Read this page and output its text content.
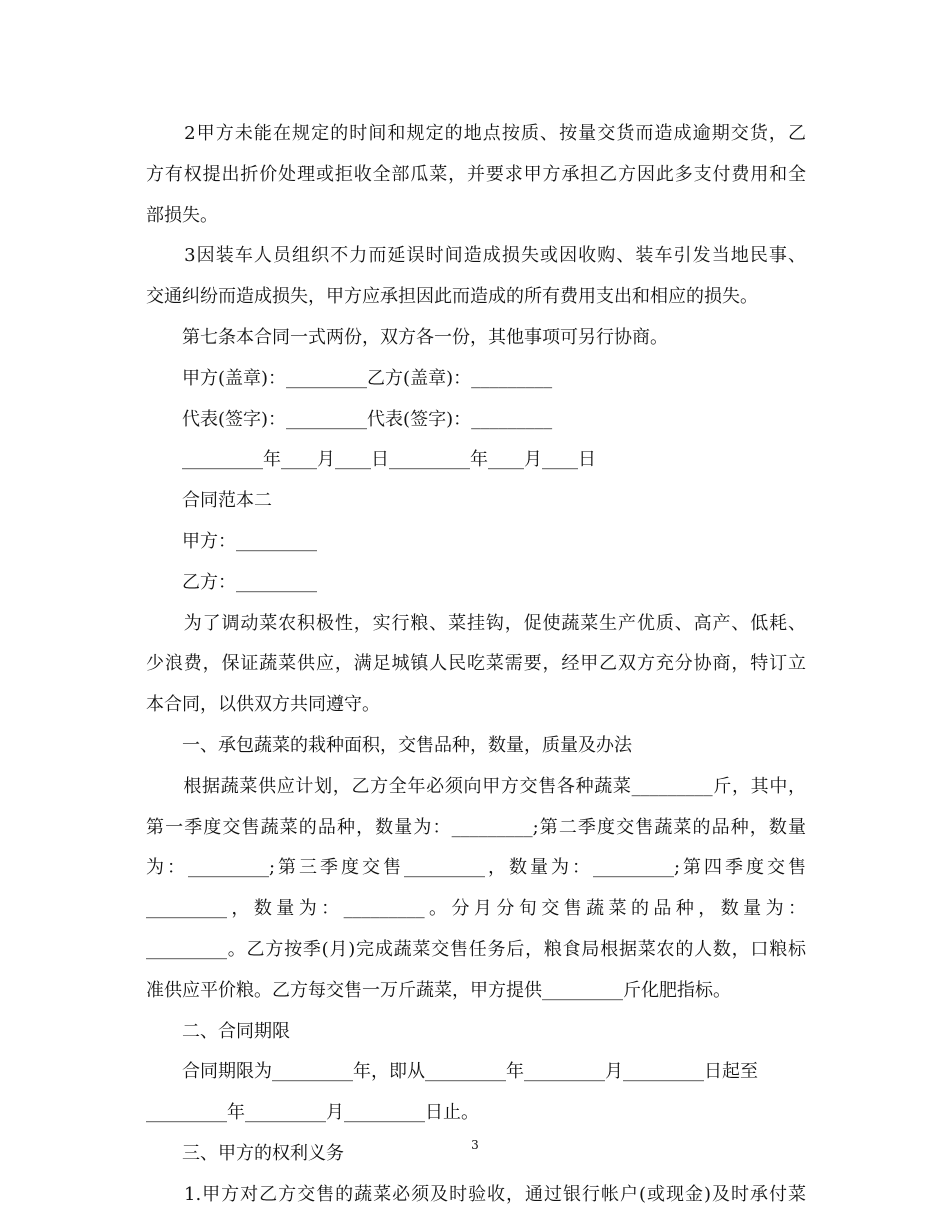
　　2甲方未能在规定的时间和规定的地点按质、按量交货而造成逾期交货，乙

方有权提出折价处理或拒收全部瓜菜，并要求甲方承担乙方因此多支付费用和全

部损失。

　　3因装车人员组织不力而延误时间造成损失或因收购、装车引发当地民事、

交通纠纷而造成损失，甲方应承担因此而造成的所有费用支出和相应的损失。

　　第七条本合同一式两份，双方各一份，其他事项可另行协商。

　　甲方(盖章)：_________乙方(盖章)：_________

　　代表(签字)：_________代表(签字)：_________

　　_________年____月____日_________年____月____日

　　合同范本二

　　甲方：_________

　　乙方：_________

　　为了调动菜农积极性，实行粮、菜挂钩，促使蔬菜生产优质、高产、低耗、

少浪费，保证蔬菜供应，满足城镇人民吃菜需要，经甲乙双方充分协商，特订立

本合同，以供双方共同遵守。

　　一、承包蔬菜的栽种面积，交售品种，数量，质量及办法

　　根据蔬菜供应计划，乙方全年必须向甲方交售各种蔬菜_________斤，其中，

第一季度交售蔬菜的品种，数量为：_________;第二季度交售蔬菜的品种，数量

为：_________;第三季度交售_________，数量为：_________;第四季度交售

_________，数量为：_________。分月分旬交售蔬菜的品种，数量为：

_________。乙方按季(月)完成蔬菜交售任务后，粮食局根据菜农的人数，口粮标

准供应平价粮。乙方每交售一万斤蔬菜，甲方提供_________斤化肥指标。

　　二、合同期限

　　合同期限为_________年，即从_________年_________月_________日起至

_________年_________月_________日止。

　　三、甲方的权利义务

　　1.甲方对乙方交售的蔬菜必须及时验收，通过银行帐户(或现金)及时承付菜

3
